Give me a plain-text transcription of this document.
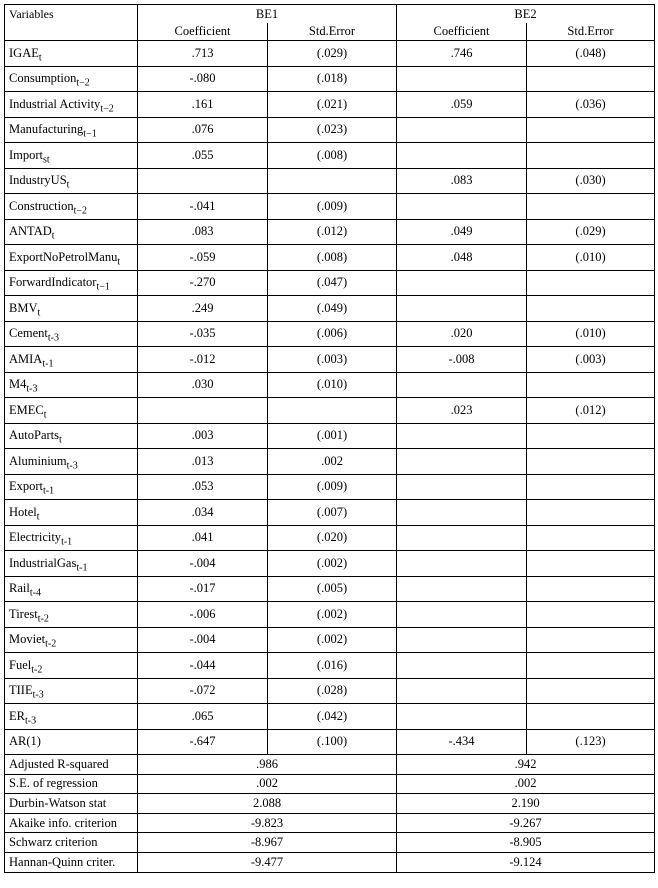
Variables	BE1		BE2	
	Coefficient	Std.Error	Coefficient	Std.Error
$IGAE_t$	.713	(.029)	.746	(.048)
Consumption$_{t-2}$	-.080	(.018)		
Industrial Activity$_{t-2}$	.161	(.021)	.059	(.036)
Manufacturing$_{t-1}$	.076	(.023)		
Import$_{st}$	.055	(.008)		
IndustryUS$_t$			.083	(.030)
Construction$_{t-2}$	-.041	(.009)		
$ANTAD_t$	.083	(.012)	.049	(.029)
ExportNoPetrolManu$_t$	-.059	(.008)	.048	(.010)
ForwardIndicator$_{t-1}$	-.270	(.047)		
$BMV_t$	.249	(.049)		
Cement$_{t-3}$	-.035	(.006)	.020	(.010)
$AMIA_{t-1}$	-.012	(.003)	-.008	(.003)
$M4_{t-3}$	.030	(.010)		
$EMEC_t$			.023	(.012)
AutoParts$_t$	.003	(.001)		
Aluminium$_{t-3}$	.013	.002		
Export$_{t-1}$	.053	(.009)		
Hotel$_t$	.034	(.007)		
Electricity$_{t-1}$	.041	(.020)		
IndustrialGas$_{t-1}$	-.004	(.002)		
Rail$_{t-4}$	-.017	(.005)		
Tirest$_{t-2}$	-.006	(.002)		
Moviet$_{t-2}$	-.004	(.002)		
Fuel$_{t-2}$	-.044	(.016)		
$TIIE_{t-3}$	-.072	(.028)		
$ER_{t-3}$	.065	(.042)		
AR(1)	-.647	(.100)	-.434	(.123)
Adjusted R-squared	.986		.942	
S.E. of regression	.002		.002	
Durbin-Watson stat	2.088		2.190	
Akaike info. criterion	-9.823		-9.267	
Schwarz criterion	-8.967		-8.905	
Hannan-Quinn criter.	-9.477		-9.124	
